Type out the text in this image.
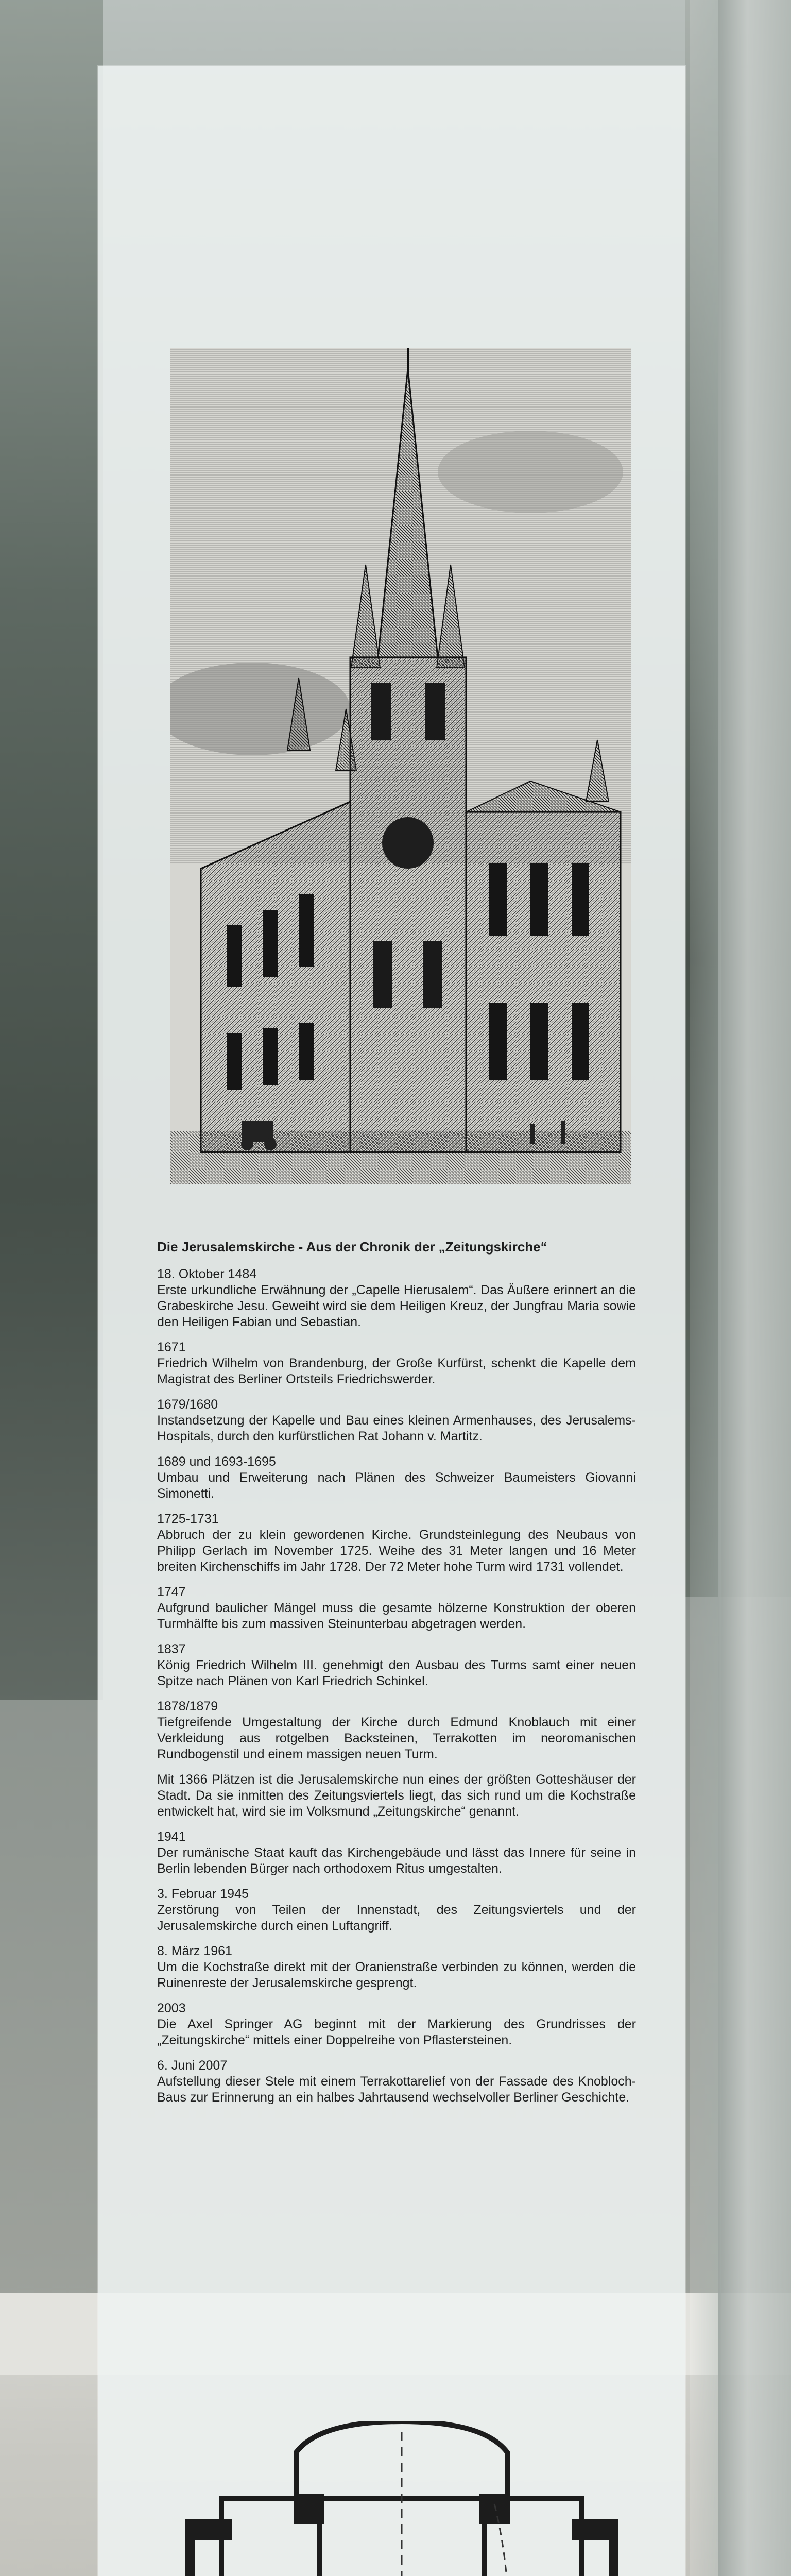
Die Jerusalemskirche - Aus der Chronik der „Zeitungskirche“
18. Oktober 1484
Erste urkundliche Erwähnung der „Capelle Hierusalem“. Das Äußere erinnert an die Grabeskirche Jesu. Geweiht wird sie dem Heiligen Kreuz, der Jungfrau Maria sowie den Heiligen Fabian und Sebastian.
1671
Friedrich Wilhelm von Brandenburg, der Große Kurfürst, schenkt die Kapelle dem Magistrat des Berliner Ortsteils Friedrichswerder.
1679/1680
Instandsetzung der Kapelle und Bau eines kleinen Armenhauses, des Jerusalems-Hospitals, durch den kurfürstlichen Rat Johann v. Martitz.
1689 und 1693-1695
Umbau und Erweiterung nach Plänen des Schweizer Baumeisters Giovanni Simonetti.
1725-1731
Abbruch der zu klein gewordenen Kirche. Grundsteinlegung des Neubaus von Philipp Gerlach im November 1725. Weihe des 31 Meter langen und 16 Meter breiten Kirchenschiffs im Jahr 1728. Der 72 Meter hohe Turm wird 1731 vollendet.
1747
Aufgrund baulicher Mängel muss die gesamte hölzerne Konstruktion der oberen Turmhälfte bis zum massiven Steinunterbau abgetragen werden.
1837
König Friedrich Wilhelm III. genehmigt den Ausbau des Turms samt einer neuen Spitze nach Plänen von Karl Friedrich Schinkel.
1878/1879
Tiefgreifende Umgestaltung der Kirche durch Edmund Knoblauch mit einer Verkleidung aus rotgelben Backsteinen, Terrakotten im neoromanischen Rundbogenstil und einem massigen neuen Turm.
Mit 1366 Plätzen ist die Jerusalemskirche nun eines der größten Gotteshäuser der Stadt. Da sie inmitten des Zeitungsviertels liegt, das sich rund um die Kochstraße entwickelt hat, wird sie im Volksmund „Zeitungskirche“ genannt.
1941
Der rumänische Staat kauft das Kirchengebäude und lässt das Innere für seine in Berlin lebenden Bürger nach orthodoxem Ritus umgestalten.
3. Februar 1945
Zerstörung von Teilen der Innenstadt, des Zeitungsviertels und der Jerusalemskirche durch einen Luftangriff.
8. März 1961
Um die Kochstraße direkt mit der Oranienstraße verbinden zu können, werden die Ruinenreste der Jerusalemskirche gesprengt.
2003
Die Axel Springer AG beginnt mit der Markierung des Grundrisses der „Zeitungskirche“ mittels einer Doppelreihe von Pflastersteinen.
6. Juni 2007
Aufstellung dieser Stele mit einem Terrakottarelief von der Fassade des Knobloch-Baus zur Erinnerung an ein halbes Jahrtausend wechselvoller Berliner Geschichte.
